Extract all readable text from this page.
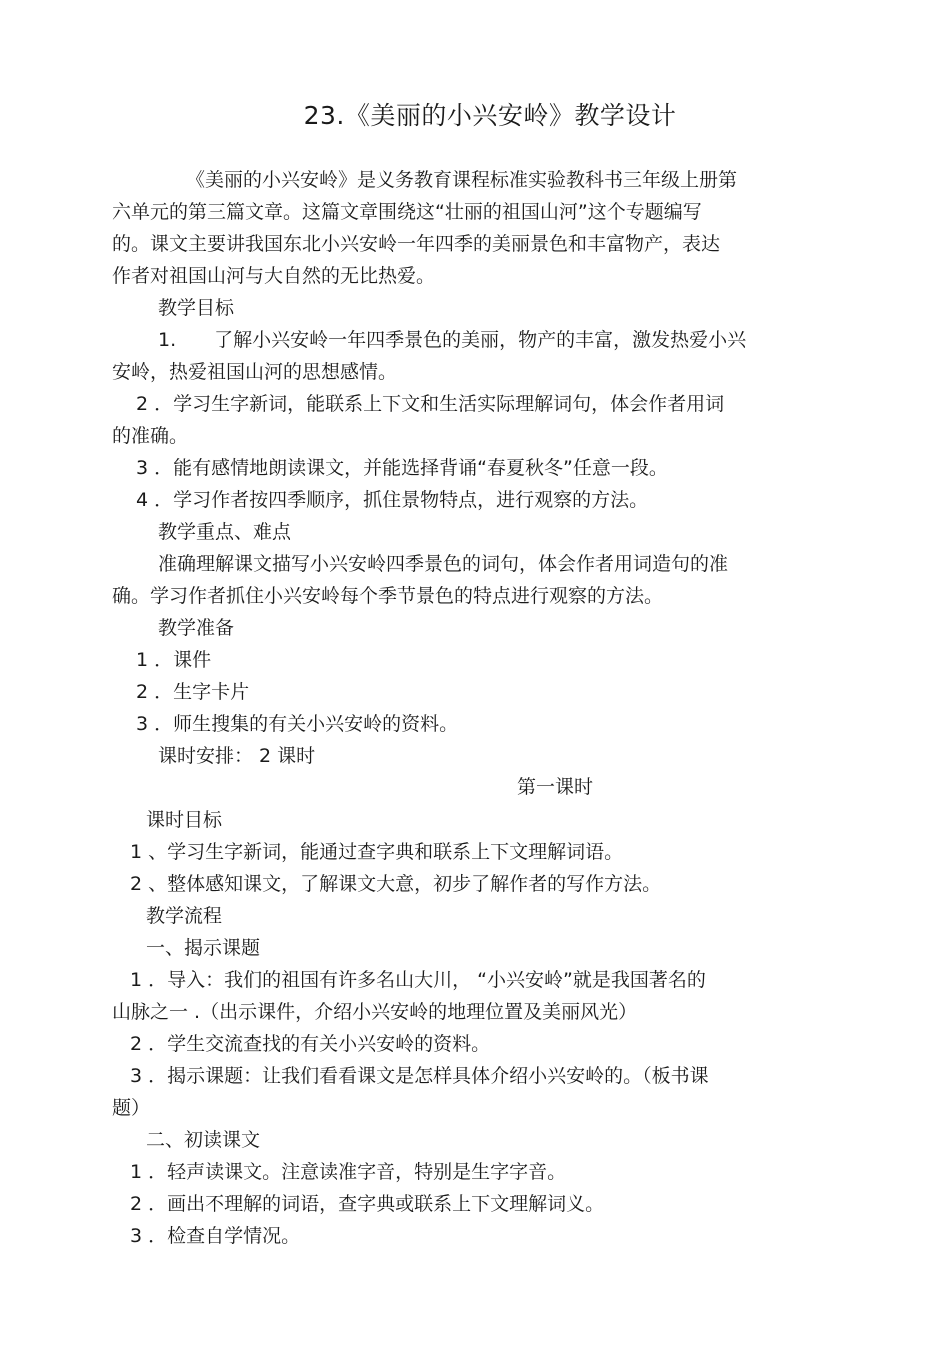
23.《美丽的小兴安岭》教学设计
《美丽的小兴安岭》是义务教育课程标准实验教科书三年级上册第
六单元的第三篇文章。这篇文章围绕这“壮丽的祖国山河”这个专题编写
的。课文主要讲我国东北小兴安岭一年四季的美丽景色和丰富物产，表达
作者对祖国山河与大自然的无比热爱。
教学目标
1.　　了解小兴安岭一年四季景色的美丽，物产的丰富，激发热爱小兴
安岭，热爱祖国山河的思想感情。
2 ．学习生字新词，能联系上下文和生活实际理解词句，体会作者用词
的准确。
3 ．能有感情地朗读课文，并能选择背诵“春夏秋冬”任意一段。
4 ．学习作者按四季顺序，抓住景物特点，进行观察的方法。
教学重点、难点
准确理解课文描写小兴安岭四季景色的词句，体会作者用词造句的准
确。学习作者抓住小兴安岭每个季节景色的特点进行观察的方法。
教学准备
1 ．课件
2 ．生字卡片
3 ．师生搜集的有关小兴安岭的资料。
课时安排： 2 课时
第一课时
课时目标
1 、学习生字新词，能通过查字典和联系上下文理解词语。
2 、整体感知课文，了解课文大意，初步了解作者的写作方法。
教学流程
一、揭示课题
1 ．导入：我们的祖国有许多名山大川， “小兴安岭”就是我国著名的
山脉之一 .（出示课件，介绍小兴安岭的地理位置及美丽风光）
2 ．学生交流查找的有关小兴安岭的资料。
3 ．揭示课题：让我们看看课文是怎样具体介绍小兴安岭的。（板书课
题）
二、初读课文
1 ．轻声读课文。注意读准字音，特别是生字字音。
2 ．画出不理解的词语，查字典或联系上下文理解词义。
3 ．检查自学情况。
